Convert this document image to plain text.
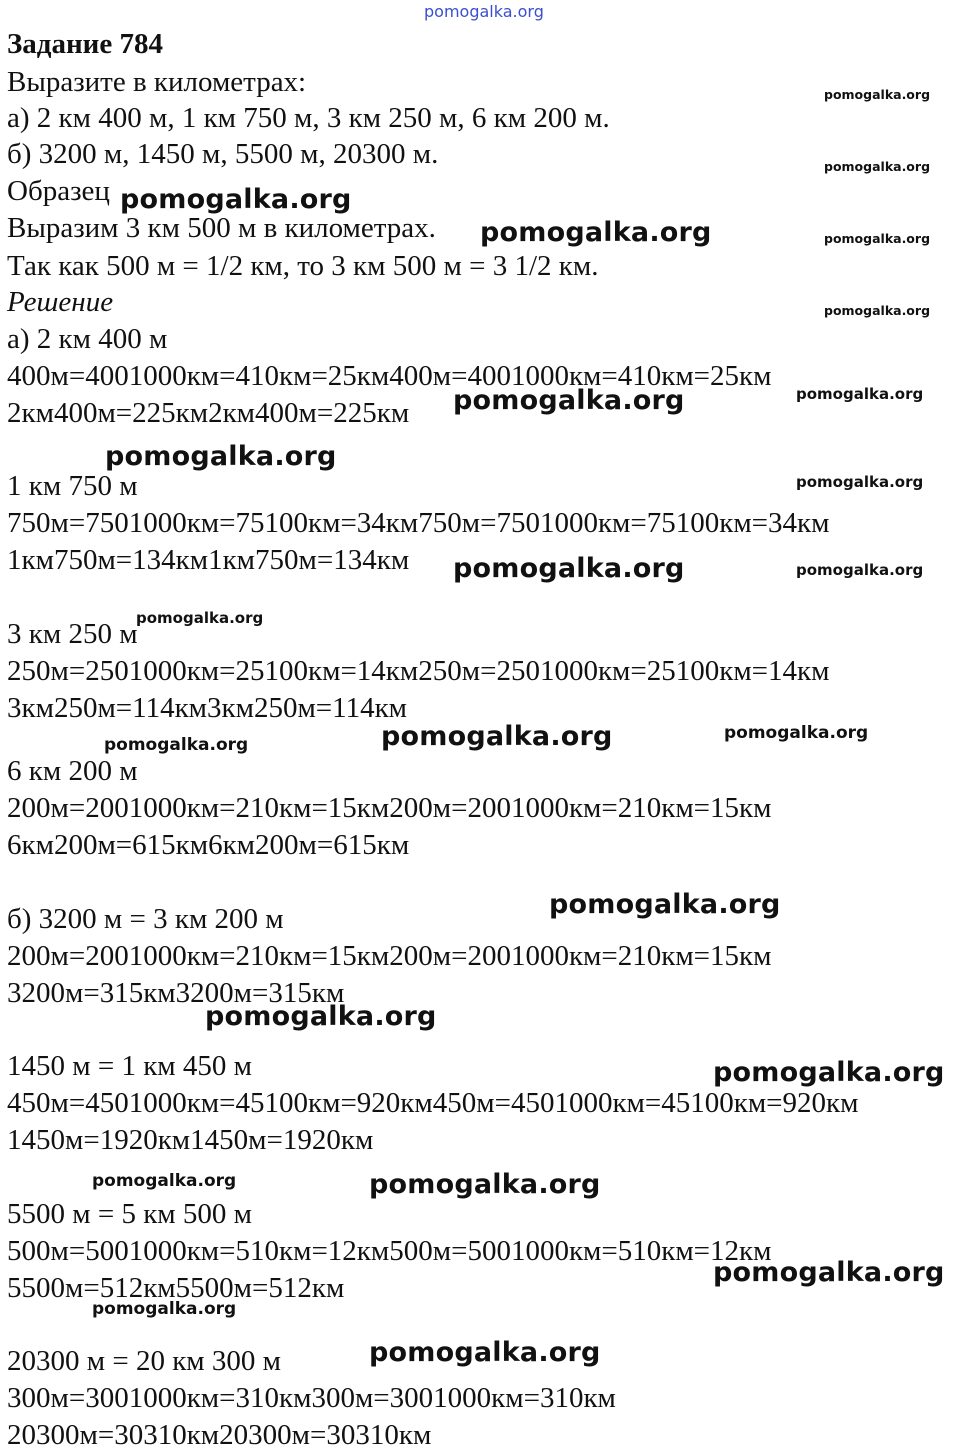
pomogalka.org
Задание 784
Выразите в километрах:
а) 2 км 400 м, 1 км 750 м, 3 км 250 м, 6 км 200 м.
б) 3200 м, 1450 м, 5500 м, 20300 м.
Образец
Выразим 3 км 500 м в километрах.
Так как 500 м = 1/2 км, то 3 км 500 м = 3 1/2 км.
Решение
а) 2 км 400 м
400м=4001000км=410км=25км400м=4001000км=410км=25км
2км400м=225км2км400м=225км
1 км 750 м
750м=7501000км=75100км=34км750м=7501000км=75100км=34км
1км750м=134км1км750м=134км
3 км 250 м
250м=2501000км=25100км=14км250м=2501000км=25100км=14км
3км250м=114км3км250м=114км
6 км 200 м
200м=2001000км=210км=15км200м=2001000км=210км=15км
6км200м=615км6км200м=615км
б) 3200 м = 3 км 200 м
200м=2001000км=210км=15км200м=2001000км=210км=15км
3200м=315км3200м=315км
1450 м = 1 км 450 м
450м=4501000км=45100км=920км450м=4501000км=45100км=920км
1450м=1920км1450м=1920км
5500 м = 5 км 500 м
500м=5001000км=510км=12км500м=5001000км=510км=12км
5500м=512км5500м=512км
20300 м = 20 км 300 м
300м=3001000км=310км300м=3001000км=310км
20300м=30310км20300м=30310км
pomogalka.org
pomogalka.org
pomogalka.org
pomogalka.org
pomogalka.org
pomogalka.org
pomogalka.org
pomogalka.org
pomogalka.org
pomogalka.org
pomogalka.org
pomogalka.org
pomogalka.org
pomogalka.org
pomogalka.org
pomogalka.org
pomogalka.org
pomogalka.org
pomogalka.org
pomogalka.org
pomogalka.org
pomogalka.org
pomogalka.org
pomogalka.org
